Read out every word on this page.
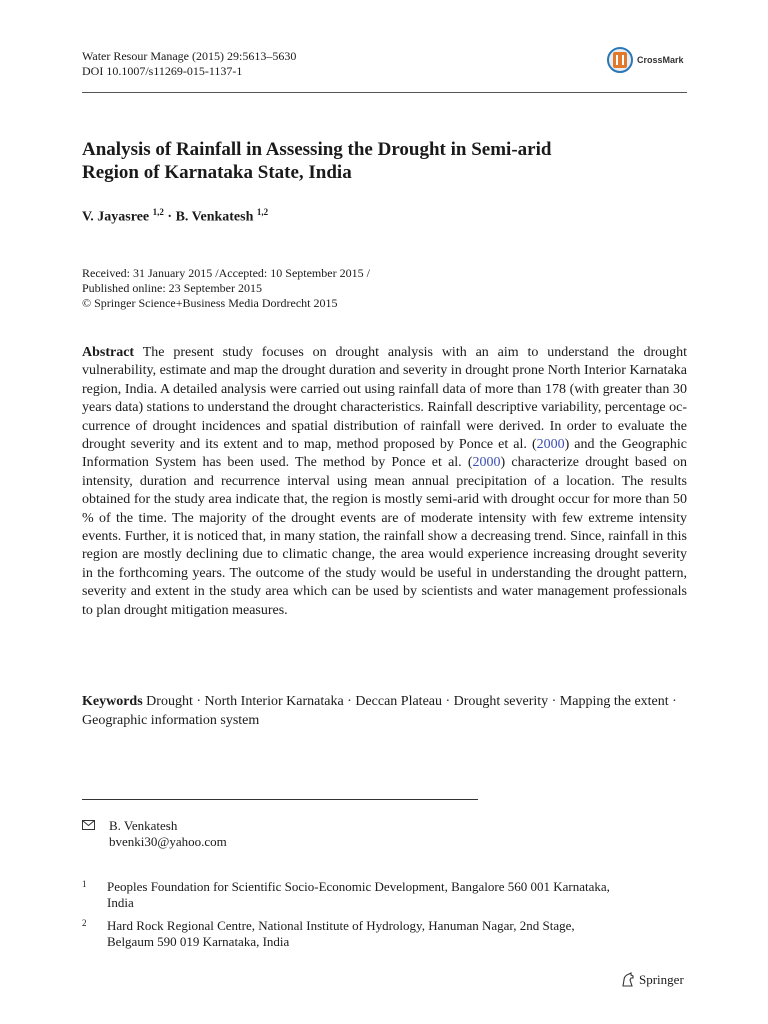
Water Resour Manage (2015) 29:5613–5630
DOI 10.1007/s11269-015-1137-1
CrossMark
Analysis of Rainfall in Assessing the Drought in Semi-arid
Region of Karnataka State, India
V. Jayasree $^{1,2}$ · B. Venkatesh $^{1,2}$
Received: 31 January 2015 /Accepted: 10 September 2015 /
Published online: 23 September 2015
© Springer Science+Business Media Dordrecht 2015
Abstract The present study focuses on drought analysis with an aim to understand the drought vulnerability, estimate and map the drought duration and severity in drought prone North Interior Karnataka region, India. A detailed analysis were carried out using rainfall data of more than 178 (with greater than 30 years data) stations to understand the drought characteristics. Rainfall descriptive variability, percentage oc-currence of drought incidences and spatial distribution of rainfall were derived. In order to evaluate the drought severity and its extent and to map, method proposed by Ponce et al. (2000) and the Geographic Information System has been used. The method by Ponce et al. (2000) characterize drought based on intensity, duration and recurrence interval using mean annual precipitation of a location. The results obtained for the study area indicate that, the region is mostly semi-arid with drought occur for more than 50 % of the time. The majority of the drought events are of moderate intensity with few extreme intensity events. Further, it is noticed that, in many station, the rainfall show a decreasing trend. Since, rainfall in this region are mostly declining due to climatic change, the area would experience increasing drought severity in the forthcoming years. The outcome of the study would be useful in understanding the drought pattern, severity and extent in the study area which can be used by scientists and water management professionals to plan drought mitigation measures.
Keywords Drought · North Interior Karnataka · Deccan Plateau · Drought severity · Mapping the extent · Geographic information system
B. Venkatesh
bvenki30@yahoo.com
1 Peoples Foundation for Scientific Socio-Economic Development, Bangalore 560 001 Karnataka,
India
2 Hard Rock Regional Centre, National Institute of Hydrology, Hanuman Nagar, 2nd Stage,
Belgaum 590 019 Karnataka, India
Springer
